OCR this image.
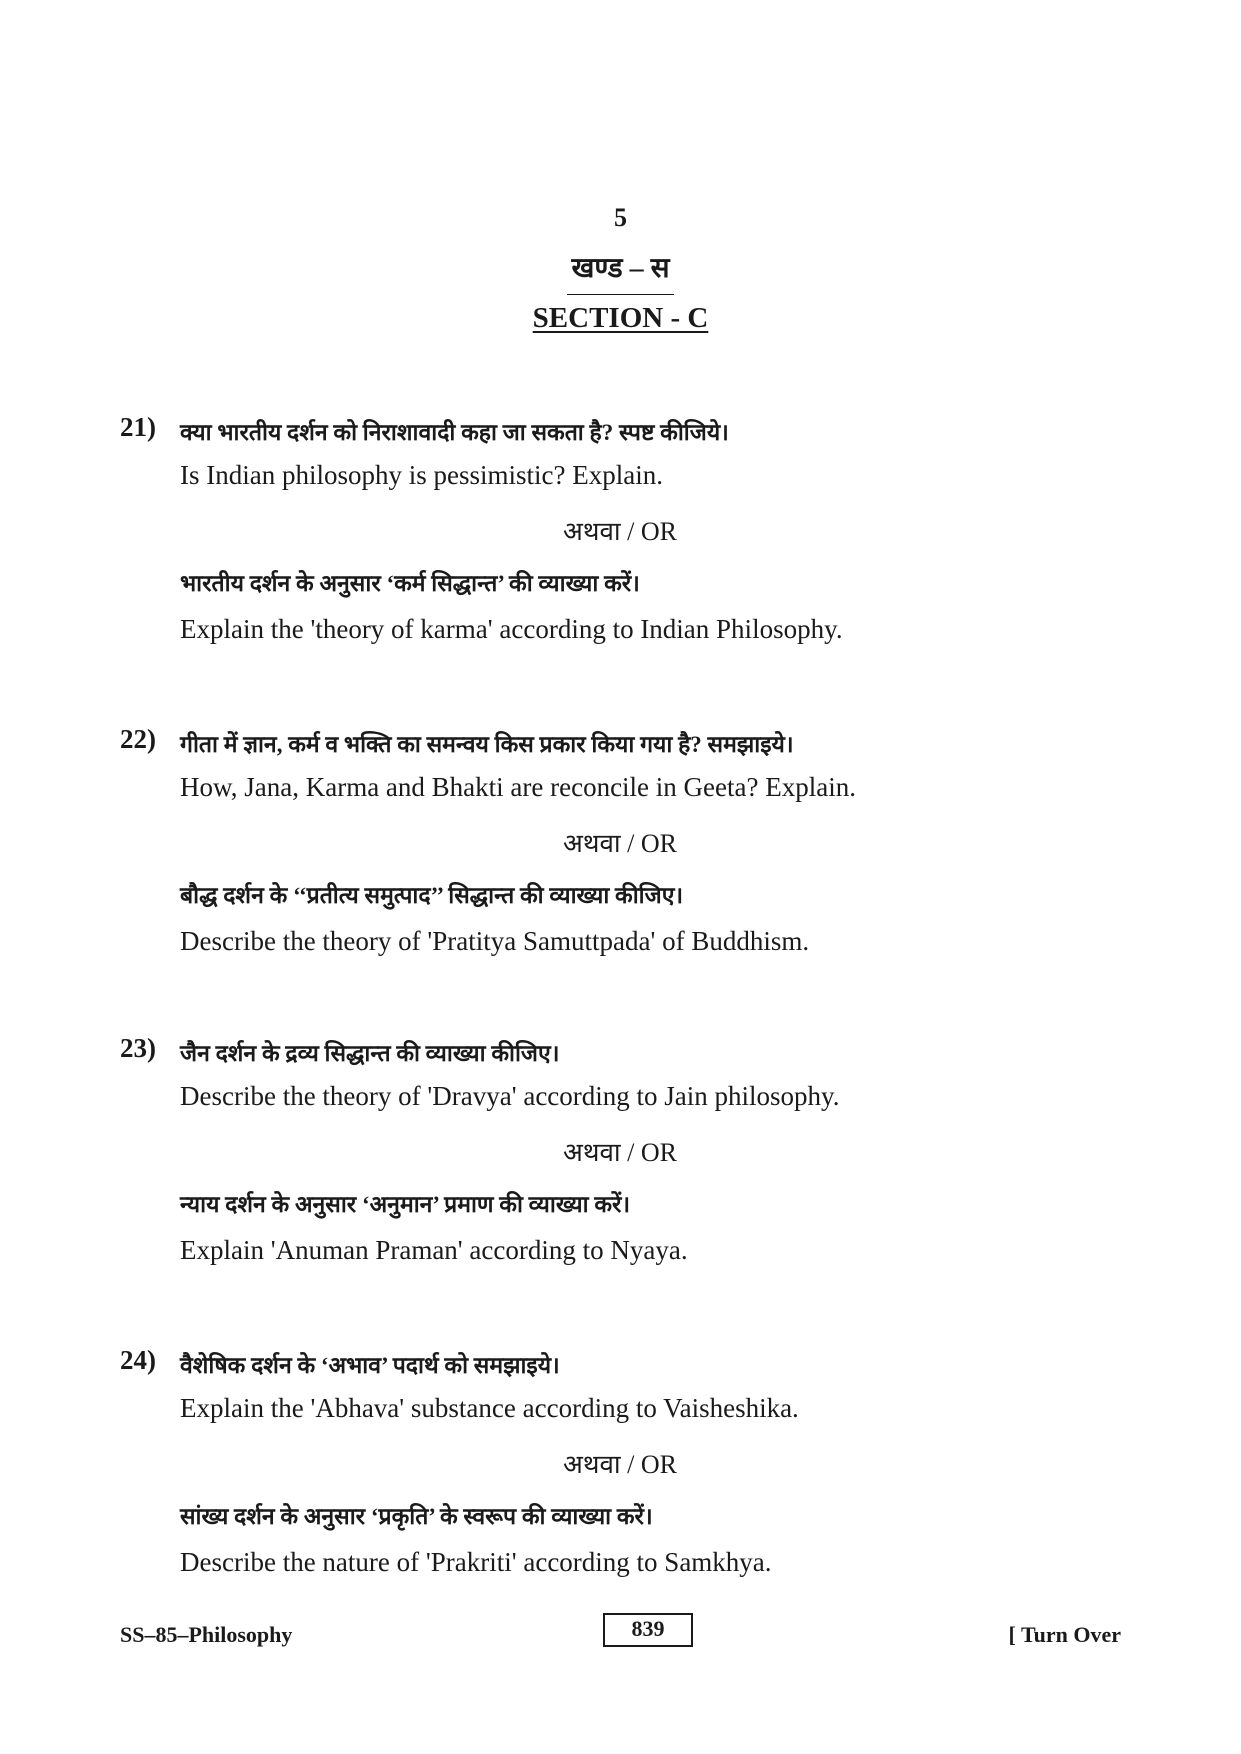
5
खण्ड – स
SECTION - C
21) क्या भारतीय दर्शन को निराशावादी कहा जा सकता है? स्पष्ट कीजिये।
Is Indian philosophy is pessimistic? Explain.
अथवा / OR
भारतीय दर्शन के अनुसार ‘कर्म सिद्धान्त’ की व्याख्या करें।
Explain the 'theory of karma' according to Indian Philosophy.
22) गीता में ज्ञान, कर्म व भक्ति का समन्वय किस प्रकार किया गया है? समझाइये।
How, Jana, Karma and Bhakti are reconcile in Geeta? Explain.
अथवा / OR
बौद्ध दर्शन के ‘‘प्रतीत्य समुत्पाद’’ सिद्धान्त की व्याख्या कीजिए।
Describe the theory of 'Pratitya Samuttpada' of Buddhism.
23) जैन दर्शन के द्रव्य सिद्धान्त की व्याख्या कीजिए।
Describe the theory of 'Dravya' according to Jain philosophy.
अथवा / OR
न्याय दर्शन के अनुसार ‘अनुमान’ प्रमाण की व्याख्या करें।
Explain 'Anuman Praman' according to Nyaya.
24) वैशेषिक दर्शन के ‘अभाव’ पदार्थ को समझाइये।
Explain the 'Abhava' substance according to Vaisheshika.
अथवा / OR
सांख्य दर्शन के अनुसार ‘प्रकृति’ के स्वरूप की व्याख्या करें।
Describe the nature of 'Prakriti' according to Samkhya.
SS–85–Philosophy	839	[ Turn Over
